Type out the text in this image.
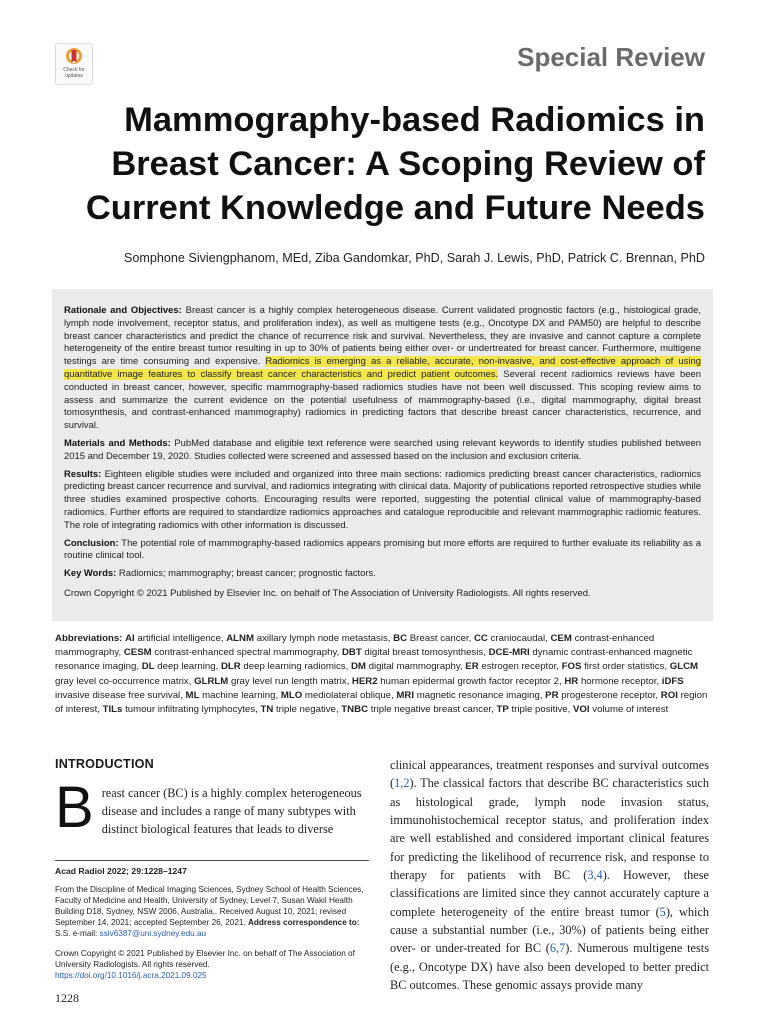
Check for
updates
Special Review
Mammography-based Radiomics in
Breast Cancer: A Scoping Review of
Current Knowledge and Future Needs
Somphone Siviengphanom, MEd, Ziba Gandomkar, PhD, Sarah J. Lewis, PhD, Patrick C. Brennan, PhD

Rationale and Objectives: Breast cancer is a highly complex heterogeneous disease. Current validated prognostic factors (e.g., histological grade, lymph node involvement, receptor status, and proliferation index), as well as multigene tests (e.g., Oncotype DX and PAM50) are helpful to describe breast cancer characteristics and predict the chance of recurrence risk and survival. Nevertheless, they are invasive and cannot capture a complete heterogeneity of the entire breast tumor resulting in up to 30% of patients being either over- or undertreated for breast cancer. Furthermore, multigene testings are time consuming and expensive. Radiomics is emerging as a reliable, accurate, non-invasive, and cost-effective approach of using quantitative image features to classify breast cancer characteristics and predict patient outcomes. Several recent radiomics reviews have been conducted in breast cancer, however, specific mammography-based radiomics studies have not been well discussed. This scoping review aims to assess and summarize the current evidence on the potential usefulness of mammography-based (i.e., digital mammography, digital breast tomosynthesis, and contrast-enhanced mammography) radiomics in predicting factors that describe breast cancer characteristics, recurrence, and survival.

Materials and Methods: PubMed database and eligible text reference were searched using relevant keywords to identify studies published between 2015 and December 19, 2020. Studies collected were screened and assessed based on the inclusion and exclusion criteria.

Results: Eighteen eligible studies were included and organized into three main sections: radiomics predicting breast cancer characteristics, radiomics predicting breast cancer recurrence and survival, and radiomics integrating with clinical data. Majority of publications reported retrospective studies while three studies examined prospective cohorts. Encouraging results were reported, suggesting the potential clinical value of mammography-based radiomics. Further efforts are required to standardize radiomics approaches and catalogue reproducible and relevant mammographic radiomic features. The role of integrating radiomics with other information is discussed.

Conclusion: The potential role of mammography-based radiomics appears promising but more efforts are required to further evaluate its reliability as a routine clinical tool.

Key Words: Radiomics; mammography; breast cancer; prognostic factors.

Crown Copyright © 2021 Published by Elsevier Inc. on behalf of The Association of University Radiologists. All rights reserved.

Abbreviations: AI artificial intelligence, ALNM axillary lymph node metastasis, BC Breast cancer, CC craniocaudal, CEM contrast-enhanced mammography, CESM contrast-enhanced spectral mammography, DBT digital breast tomosynthesis, DCE-MRI dynamic contrast-enhanced magnetic resonance imaging, DL deep learning, DLR deep learning radiomics, DM digital mammography, ER estrogen receptor, FOS first order statistics, GLCM gray level co-occurrence matrix, GLRLM gray level run length matrix, HER2 human epidermal growth factor receptor 2, HR hormone receptor, iDFS invasive disease free survival, ML machine learning, MLO mediolateral oblique, MRI magnetic resonance imaging, PR progesterone receptor, ROI region of interest, TILs tumour infiltrating lymphocytes, TN triple negative, TNBC triple negative breast cancer, TP triple positive, VOI volume of interest
INTRODUCTION
B reast cancer (BC) is a highly complex heterogeneous disease and includes a range of many subtypes with distinct biological features that leads to diverse

Acad Radiol 2022; 29:1228–1247

From the Discipline of Medical Imaging Sciences, Sydney School of Health Sciences, Faculty of Medicine and Health, University of Sydney, Level 7, Susan Wakil Health Building D18, Sydney, NSW 2006, Australia.. Received August 10, 2021; revised September 14, 2021; accepted September 26, 2021. Address correspondence to: S.S. e-mail: ssiv6387@uni.sydney.edu.au

Crown Copyright © 2021 Published by Elsevier Inc. on behalf of The Association of University Radiologists. All rights reserved.

https://doi.org/10.1016/j.acra.2021.09.025

clinical appearances, treatment responses and survival outcomes (1,2). The classical factors that describe BC characteristics such as histological grade, lymph node invasion status, immunohistochemical receptor status, and proliferation index are well established and considered important clinical features for predicting the likelihood of recurrence risk, and response to therapy for patients with BC (3,4). However, these classifications are limited since they cannot accurately capture a complete heterogeneity of the entire breast tumor (5), which cause a substantial number (i.e., 30%) of patients being either over- or under-treated for BC (6,7). Numerous multigene tests (e.g., Oncotype DX) have also been developed to better predict BC outcomes. These genomic assays provide many

1228
